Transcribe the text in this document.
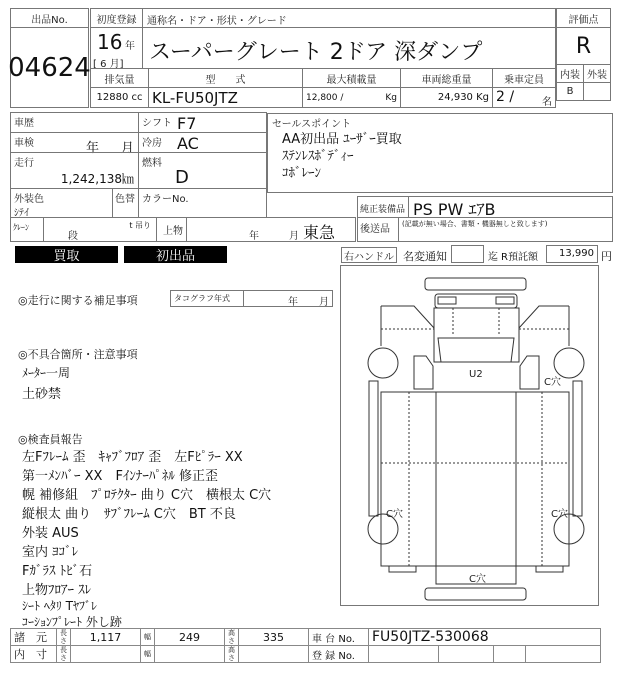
出品No.
04624
初度登録
16 年
[ 6 月]
通称名・ドア・形状・グレード
スーパーグレート 2ドア 深ダンプ
評価点
R
内装 外装
B
排気量	型　　式	最大積載量	車両総重量	乗車定員
12880 cc KL-FU50JTZ	12,800 /	Kg	24,930 Kg 2 /	名
車歴
車検	年 月
走行
1,242,138㎞
シフト F7
冷房 AC
燃料
D
外装色
ｼﾃｲ
色替 カラーNo.
ｸﾚｰﾝ
段
t 吊り
上物	年	月 東急
セールスポイント
AA初出品 ﾕｰｻﾞｰ買取
ｽﾃﾝﾚｽﾎﾞﾃﾞｨｰ
ｺﾎﾞﾚｰﾝ
純正装備品 PS PW ｴｱB
後送品 (記載が無い場合、書類・機器無しと致します)
買取	初出品	右ハンドル 名変通知	迄 R預託額	13,990 円
◎走行に関する補足事項	タコグラフ年式	年 月
◎不具合箇所・注意事項
ﾒｰﾀｰ一周
土砂禁
◎検査員報告
左Fﾌﾚｰﾑ 歪　ｷｬﾌﾞﾌﾛｱ 歪　左Fﾋﾟﾗｰ XX
第一ﾒﾝﾊﾞｰ XX　Fｲﾝﾅｰﾊﾟﾈﾙ 修正歪
幌 補修組　ﾌﾟﾛﾃｸﾀｰ 曲り C穴　横根太 C穴
縦根太 曲り　ｻﾌﾞﾌﾚｰﾑ C穴　BT 不良
外装 AUS
室内 ﾖｺﾞﾚ
Fｶﾞﾗｽ ﾄﾋﾞ石
上物ﾌﾛｱｰ ｽﾚ
ｼｰﾄ ﾍﾀﾘ Tﾔﾌﾞﾚ
ｺｰｼｮﾝﾌﾟﾚｰﾄ 外し跡
U2
C穴
C穴	C穴
C穴
諸　元	長さ	1,117	幅	249	高さ	335	車 台 No.	FU50JTZ-530068			
内　寸	長さ		幅		高さ		登 録 No.				
